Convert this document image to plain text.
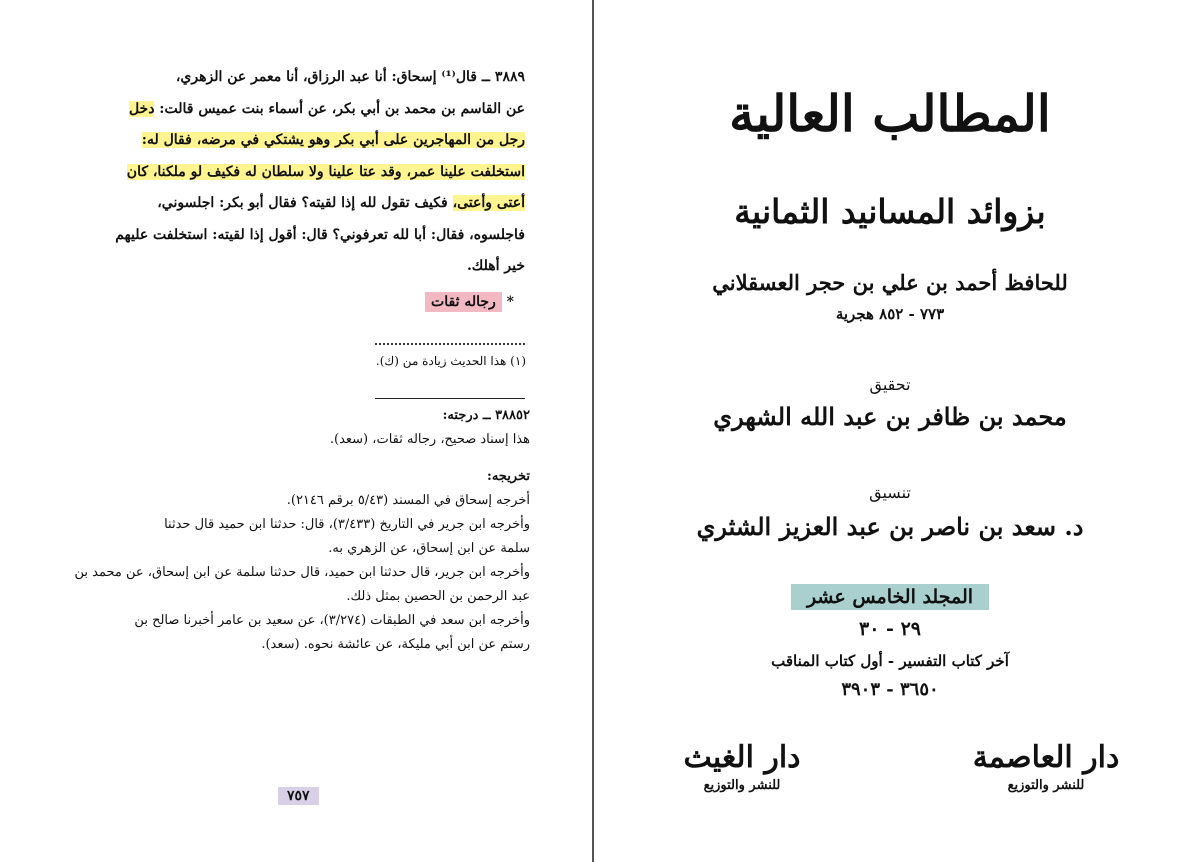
٣٨٨٩ ــ قال⁽¹⁾ إسحاق: أنا عبد الرزاق، أنا معمر عن الزهري،

عن القاسم بن محمد بن أبي بكر، عن أسماء بنت عميس قالت: دخل

رجل من المهاجرين على أبي بكر وهو يشتكي في مرضه، فقال له:

استخلفت علينا عمر، وقد عتا علينا ولا سلطان له فكيف لو ملكنا، كان

أعتى وأعتى، فكيف تقول لله إذا لقيته؟ فقال أبو بكر: اجلسوني،

فاجلسوه، فقال: أبا لله تعرفوني؟ قال: أقول إذا لقيته: استخلفت عليهم

خير أهلك.

* رجاله ثقات
(١) هذا الحديث زيادة من (ك).
٣٨٨٥٢ ــ درجته:
هذا إسناد صحيح، رجاله ثقات، (سعد).
تخريجه:
أخرجه إسحاق في المسند (٥/٤٣ برقم ٢١٤٦).
وأخرجه ابن جرير في التاريخ (٣/٤٣٣)، قال: حدثنا ابن حميد قال حدثنا
سلمة عن ابن إسحاق، عن الزهري به.
وأخرجه ابن جرير، قال حدثنا ابن حميد، قال حدثنا سلمة عن ابن إسحاق، عن محمد بن
عبد الرحمن بن الحصين بمثل ذلك.
وأخرجه ابن سعد في الطبقات (٣/٢٧٤)، عن سعيد بن عامر أخبرنا صالح بن
رستم عن ابن أبي مليكة، عن عائشة نحوه. (سعد).
٧٥٧
المطالب العالية
بزوائد المسانيد الثمانية
للحافظ أحمد بن علي بن حجر العسقلاني
٧٧٣ - ٨٥٢ هجرية
تحقيق
محمد بن ظافر بن عبد الله الشهري
تنسيق
د. سعد بن ناصر بن عبد العزيز الشثري
المجلد الخامس عشر
٢٩ - ٣٠
آخر كتاب التفسير - أول كتاب المناقب
٣٦٥٠ - ٣٩٠٣
دار الغيث
للنشر والتوزيع
دار العاصمة
للنشر والتوزيع
